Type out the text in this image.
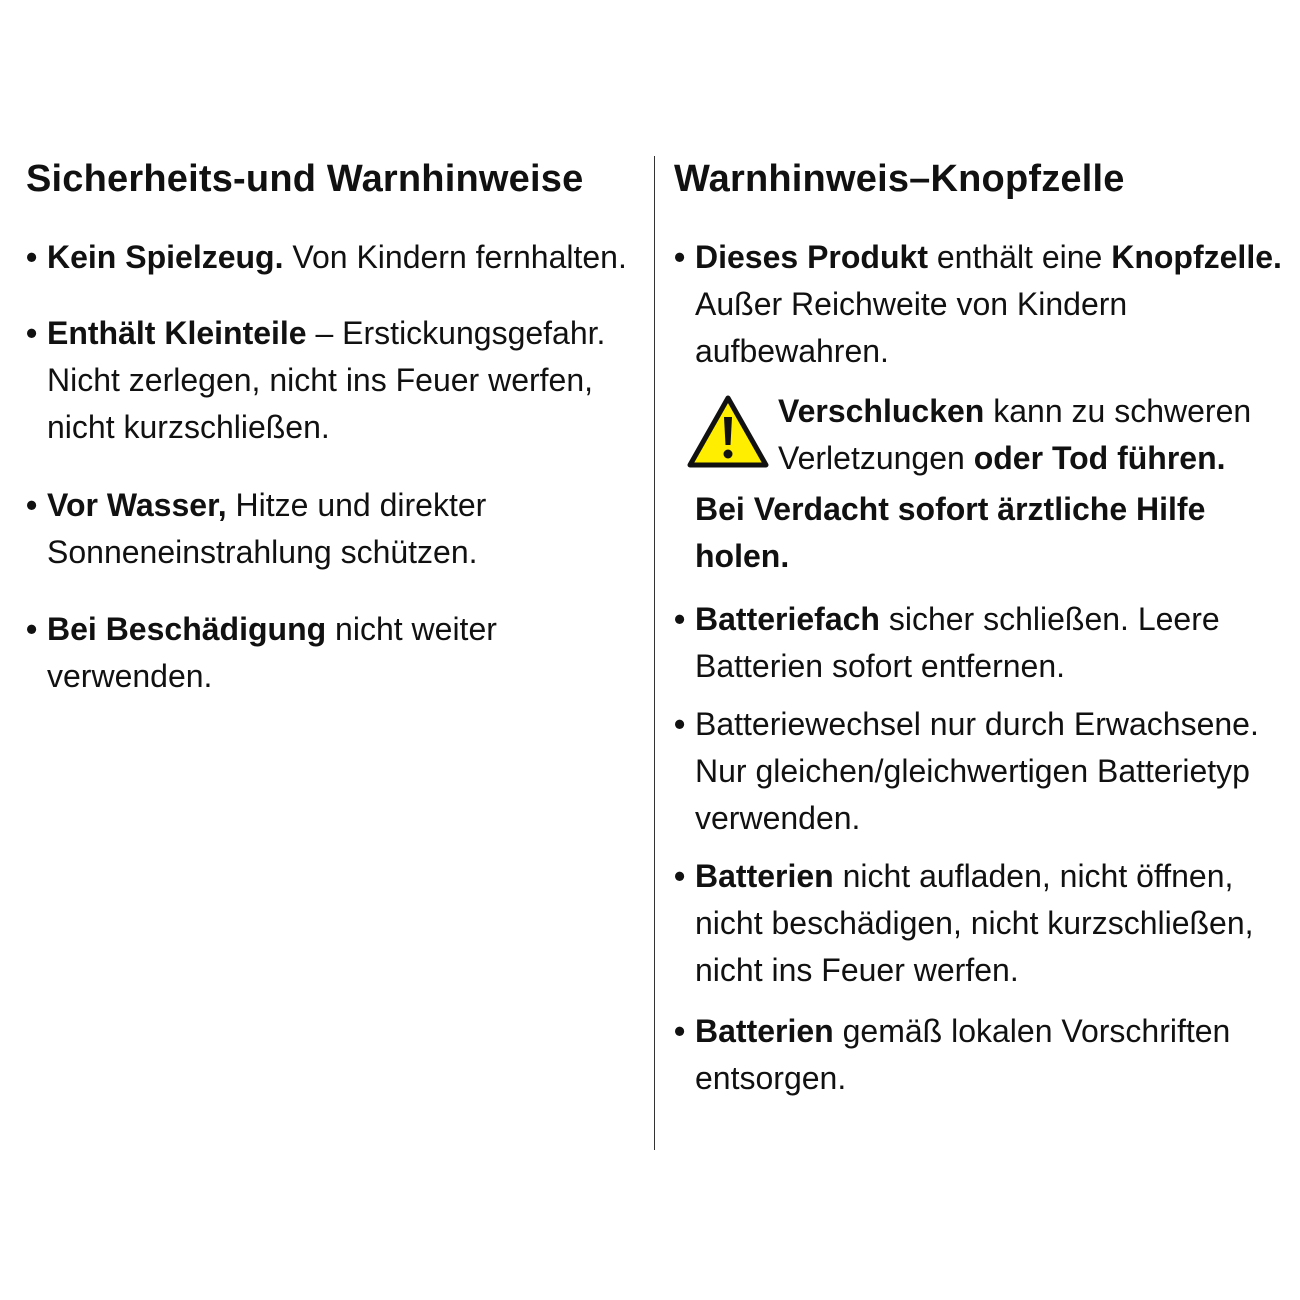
Sicherheits-und Warnhinweise
• Kein Spielzeug. Von Kindern fernhalten.
• Enthält Kleinteile – Erstickungsgefahr.
Nicht zerlegen, nicht ins Feuer werfen,
nicht kurzschließen.
• Vor Wasser, Hitze und direkter
Sonneneinstrahlung schützen.
• Bei Beschädigung nicht weiter
verwenden.
Warnhinweis–Knopfzelle
• Dieses Produkt enthält eine Knopfzelle.
Außer Reichweite von Kindern
aufbewahren.
Verschlucken kann zu schweren
Verletzungen oder Tod führen.
Bei Verdacht sofort ärztliche Hilfe
holen.
• Batteriefach sicher schließen. Leere
Batterien sofort entfernen.
• Batteriewechsel nur durch Erwachsene.
Nur gleichen/gleichwertigen Batterietyp
verwenden.
• Batterien nicht aufladen, nicht öffnen,
nicht beschädigen, nicht kurzschließen,
nicht ins Feuer werfen.
• Batterien gemäß lokalen Vorschriften
entsorgen.
